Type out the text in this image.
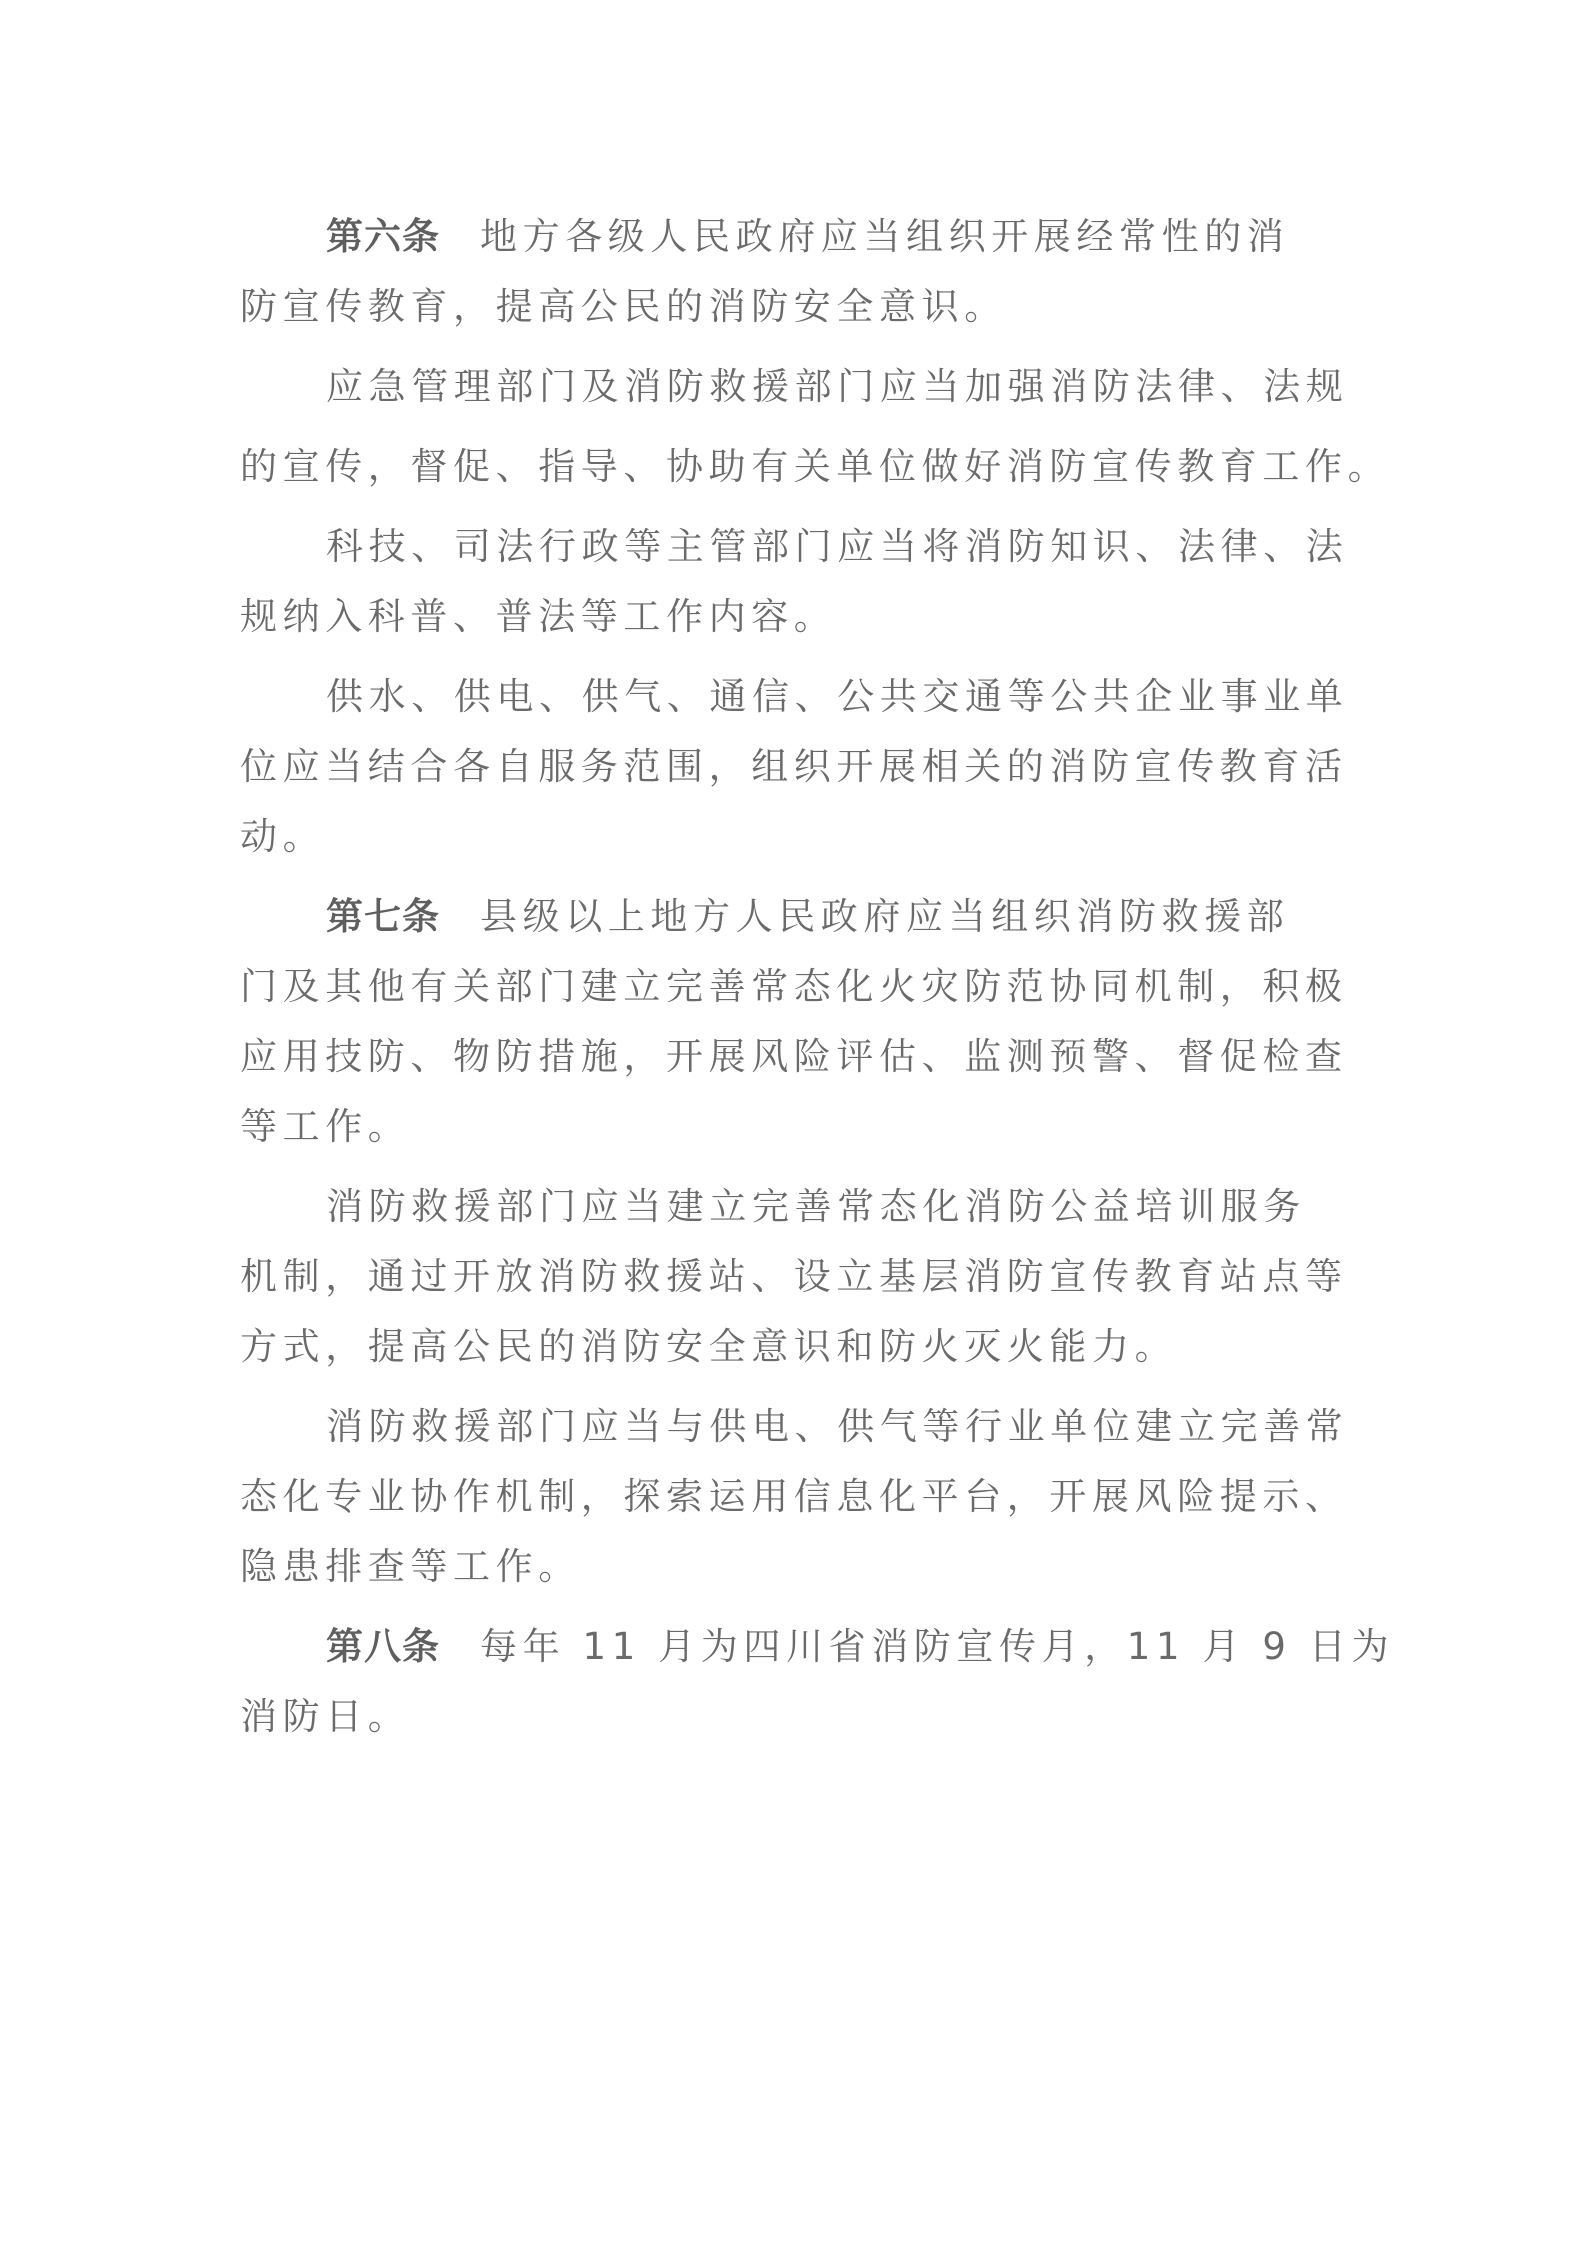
第六条 地方各级人民政府应当组织开展经常性的消
防宣传教育，提高公民的消防安全意识。
应急管理部门及消防救援部门应当加强消防法律、法规
的宣传，督促、指导、协助有关单位做好消防宣传教育工作。
科技、司法行政等主管部门应当将消防知识、法律、法
规纳入科普、普法等工作内容。
供水、供电、供气、通信、公共交通等公共企业事业单
位应当结合各自服务范围，组织开展相关的消防宣传教育活
动。
第七条 县级以上地方人民政府应当组织消防救援部
门及其他有关部门建立完善常态化火灾防范协同机制，积极
应用技防、物防措施，开展风险评估、监测预警、督促检查
等工作。
消防救援部门应当建立完善常态化消防公益培训服务
机制，通过开放消防救援站、设立基层消防宣传教育站点等
方式，提高公民的消防安全意识和防火灭火能力。
消防救援部门应当与供电、供气等行业单位建立完善常
态化专业协作机制，探索运用信息化平台，开展风险提示、
隐患排查等工作。
第八条 每年 11 月为四川省消防宣传月，11 月 9 日为
消防日。
